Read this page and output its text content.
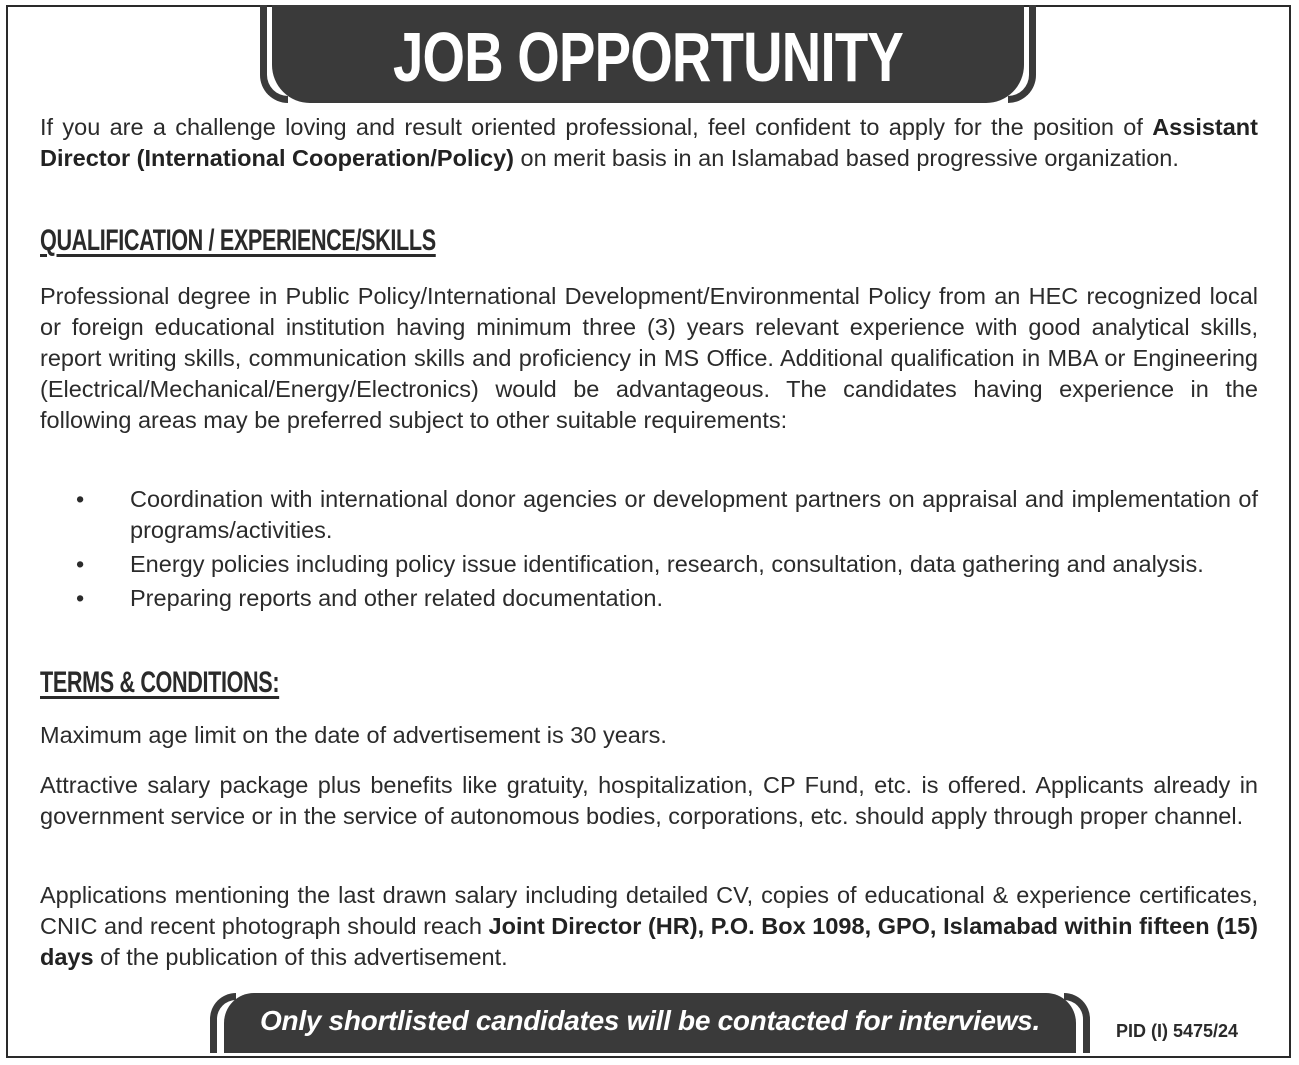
JOB OPPORTUNITY
If you are a challenge loving and result oriented professional, feel confident to apply for the position of Assistant Director (International Cooperation/Policy) on merit basis in an Islamabad based progressive organization.
QUALIFICATION / EXPERIENCE/SKILLS
Professional degree in Public Policy/International Development/Environmental Policy from an HEC recognized local or foreign educational institution having minimum three (3) years relevant experience with good analytical skills, report writing skills, communication skills and proficiency in MS Office. Additional qualification in MBA or Engineering (Electrical/Mechanical/Energy/Electronics) would be advantageous. The candidates having experience in the following areas may be preferred subject to other suitable requirements:
• Coordination with international donor agencies or development partners on appraisal and implementation of programs/activities.
• Energy policies including policy issue identification, research, consultation, data gathering and analysis.
• Preparing reports and other related documentation.
TERMS & CONDITIONS:
Maximum age limit on the date of advertisement is 30 years.
Attractive salary package plus benefits like gratuity, hospitalization, CP Fund, etc. is offered. Applicants already in government service or in the service of autonomous bodies, corporations, etc. should apply through proper channel.
Applications mentioning the last drawn salary including detailed CV, copies of educational & experience certificates, CNIC and recent photograph should reach Joint Director (HR), P.O. Box 1098, GPO, Islamabad within fifteen (15) days of the publication of this advertisement.
Only shortlisted candidates will be contacted for interviews.	PID (I) 5475/24
